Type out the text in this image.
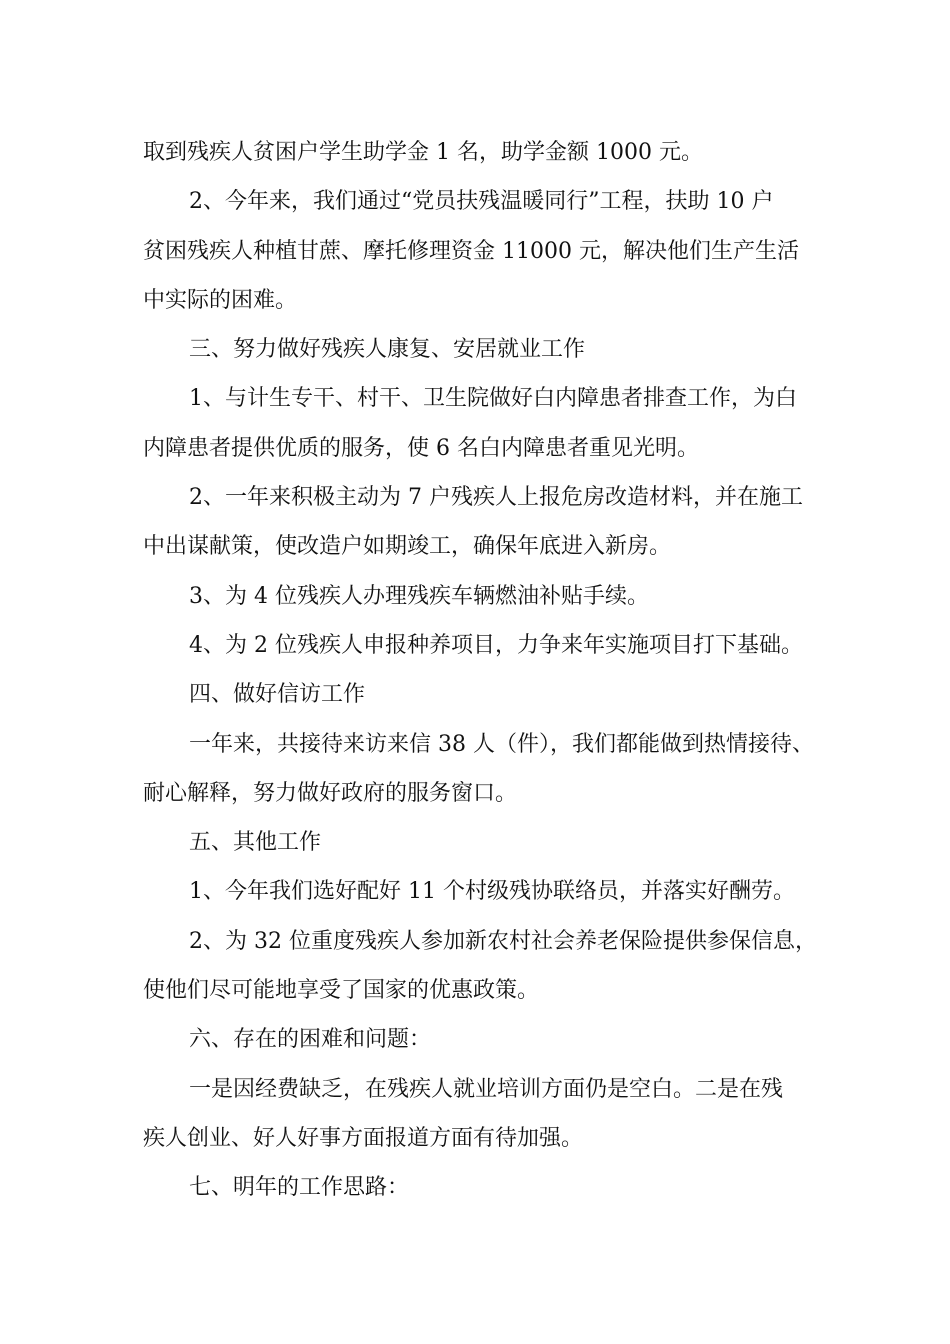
取到残疾人贫困户学生助学金 1 名，助学金额 1000 元。
2、今年来，我们通过“党员扶残温暖同行”工程，扶助 10 户
贫困残疾人种植甘蔗、摩托修理资金 11000 元，解决他们生产生活
中实际的困难。
三、努力做好残疾人康复、安居就业工作
1、与计生专干、村干、卫生院做好白内障患者排查工作，为白
内障患者提供优质的服务，使 6 名白内障患者重见光明。
2、一年来积极主动为 7 户残疾人上报危房改造材料，并在施工
中出谋献策，使改造户如期竣工，确保年底进入新房。
3、为 4 位残疾人办理残疾车辆燃油补贴手续。
4、为 2 位残疾人申报种养项目，力争来年实施项目打下基础。
四、做好信访工作
一年来，共接待来访来信 38 人（件），我们都能做到热情接待、
耐心解释，努力做好政府的服务窗口。
五、其他工作
1、今年我们选好配好 11 个村级残协联络员，并落实好酬劳。
2、为 32 位重度残疾人参加新农村社会养老保险提供参保信息，
使他们尽可能地享受了国家的优惠政策。
六、存在的困难和问题：
一是因经费缺乏，在残疾人就业培训方面仍是空白。二是在残
疾人创业、好人好事方面报道方面有待加强。
七、明年的工作思路：
